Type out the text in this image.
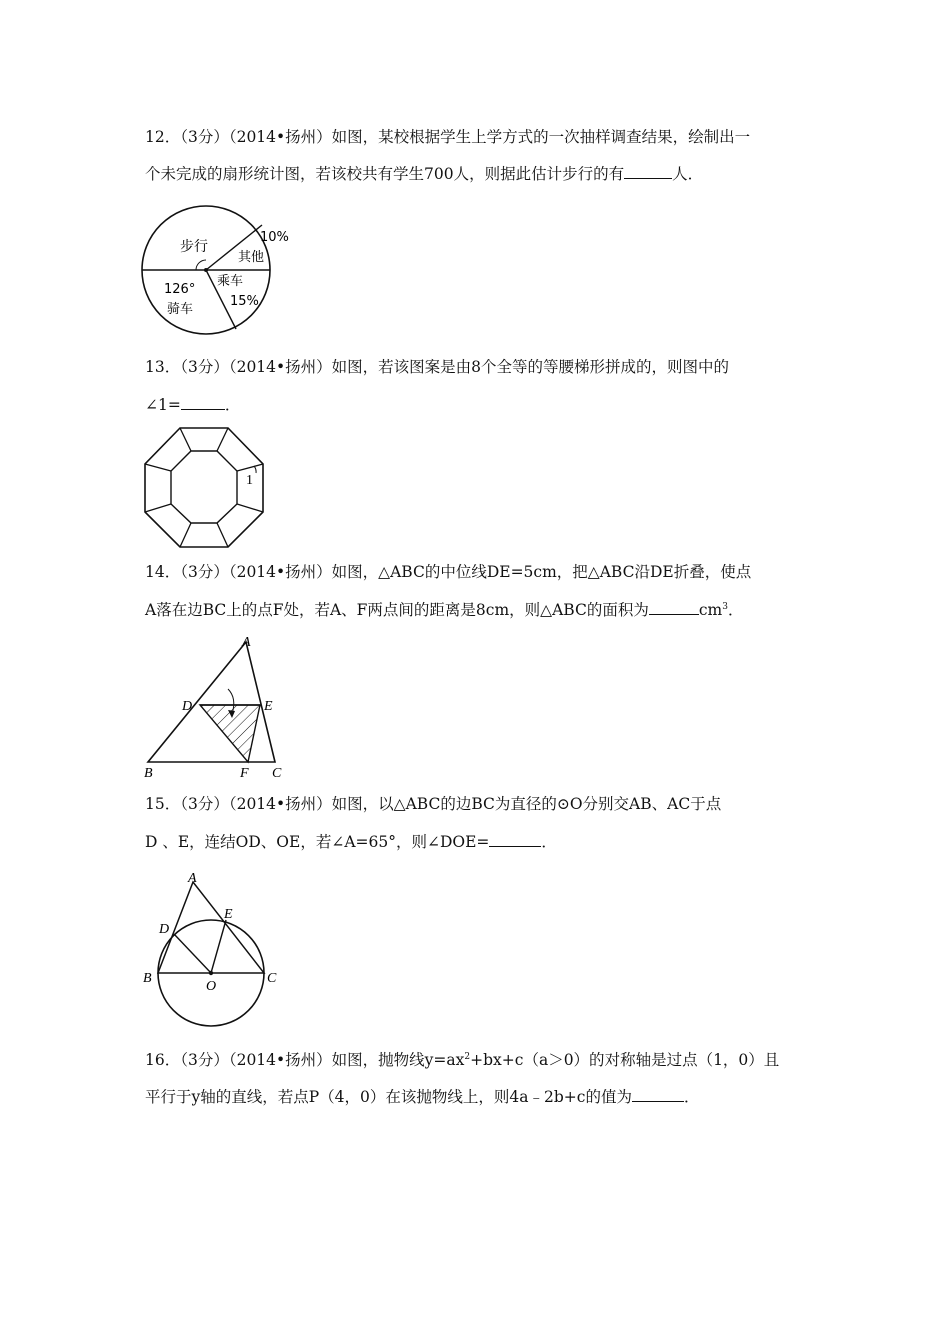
12．（3分）（2014•扬州）如图，某校根据学生上学方式的一次抽样调查结果，绘制出一
个未完成的扇形统计图，若该校共有学生700人，则据此估计步行的有	人．
步行
10%
其他
乘车
15%
126°
骑车
13．（3分）（2014•扬州）如图，若该图案是由8个全等的等腰梯形拼成的，则图中的
∠1=	．
1
14．（3分）（2014•扬州）如图，△ABC的中位线DE=5cm，把△ABC沿DE折叠，使点
A落在边BC上的点F处，若A、F两点间的距离是8cm，则△ABC的面积为	$cm^3$．
A
D	E
B	F C
15．（3分）（2014•扬州）如图，以△ABC的边BC为直径的⊙O分别交AB、AC于点
D 、E，连结OD、OE，若∠A=65°，则∠DOE=	．
A
E
D
B
O
C
16．（3分）（2014•扬州）如图，抛物线$y=ax^2+bx+c(a>0)$的对称轴是过点（1，0）且
平行于y轴的直线，若点P（4，0）在该抛物线上，则4a﹣2b+c的值为	．
